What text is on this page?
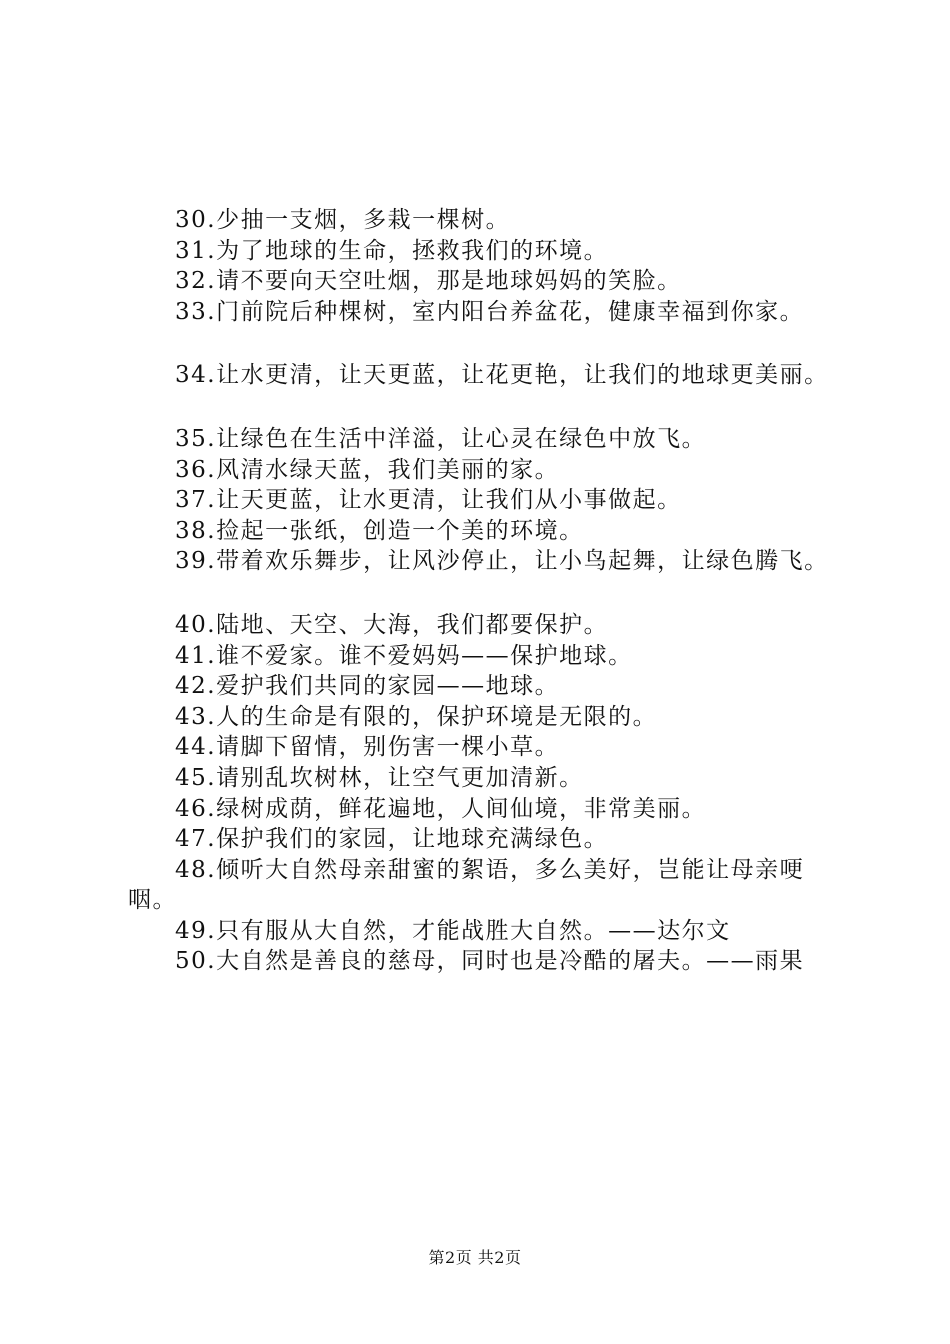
30.少抽一支烟，多栽一棵树。
31.为了地球的生命，拯救我们的环境。
32.请不要向天空吐烟，那是地球妈妈的笑脸。
33.门前院后种棵树，室内阳台养盆花，健康幸福到你家。
34.让水更清，让天更蓝，让花更艳，让我们的地球更美丽。
35.让绿色在生活中洋溢，让心灵在绿色中放飞。
36.风清水绿天蓝，我们美丽的家。
37.让天更蓝，让水更清，让我们从小事做起。
38.捡起一张纸，创造一个美的环境。
39.带着欢乐舞步，让风沙停止，让小鸟起舞，让绿色腾飞。
40.陆地、天空、大海，我们都要保护。
41.谁不爱家。谁不爱妈妈——保护地球。
42.爱护我们共同的家园——地球。
43.人的生命是有限的，保护环境是无限的。
44.请脚下留情，别伤害一棵小草。
45.请别乱坎树林，让空气更加清新。
46.绿树成荫，鲜花遍地，人间仙境，非常美丽。
47.保护我们的家园，让地球充满绿色。
48.倾听大自然母亲甜蜜的絮语，多么美好，岂能让母亲哽
咽。
49.只有服从大自然，才能战胜大自然。——达尔文
50.大自然是善良的慈母，同时也是冷酷的屠夫。——雨果
第2页 共2页
